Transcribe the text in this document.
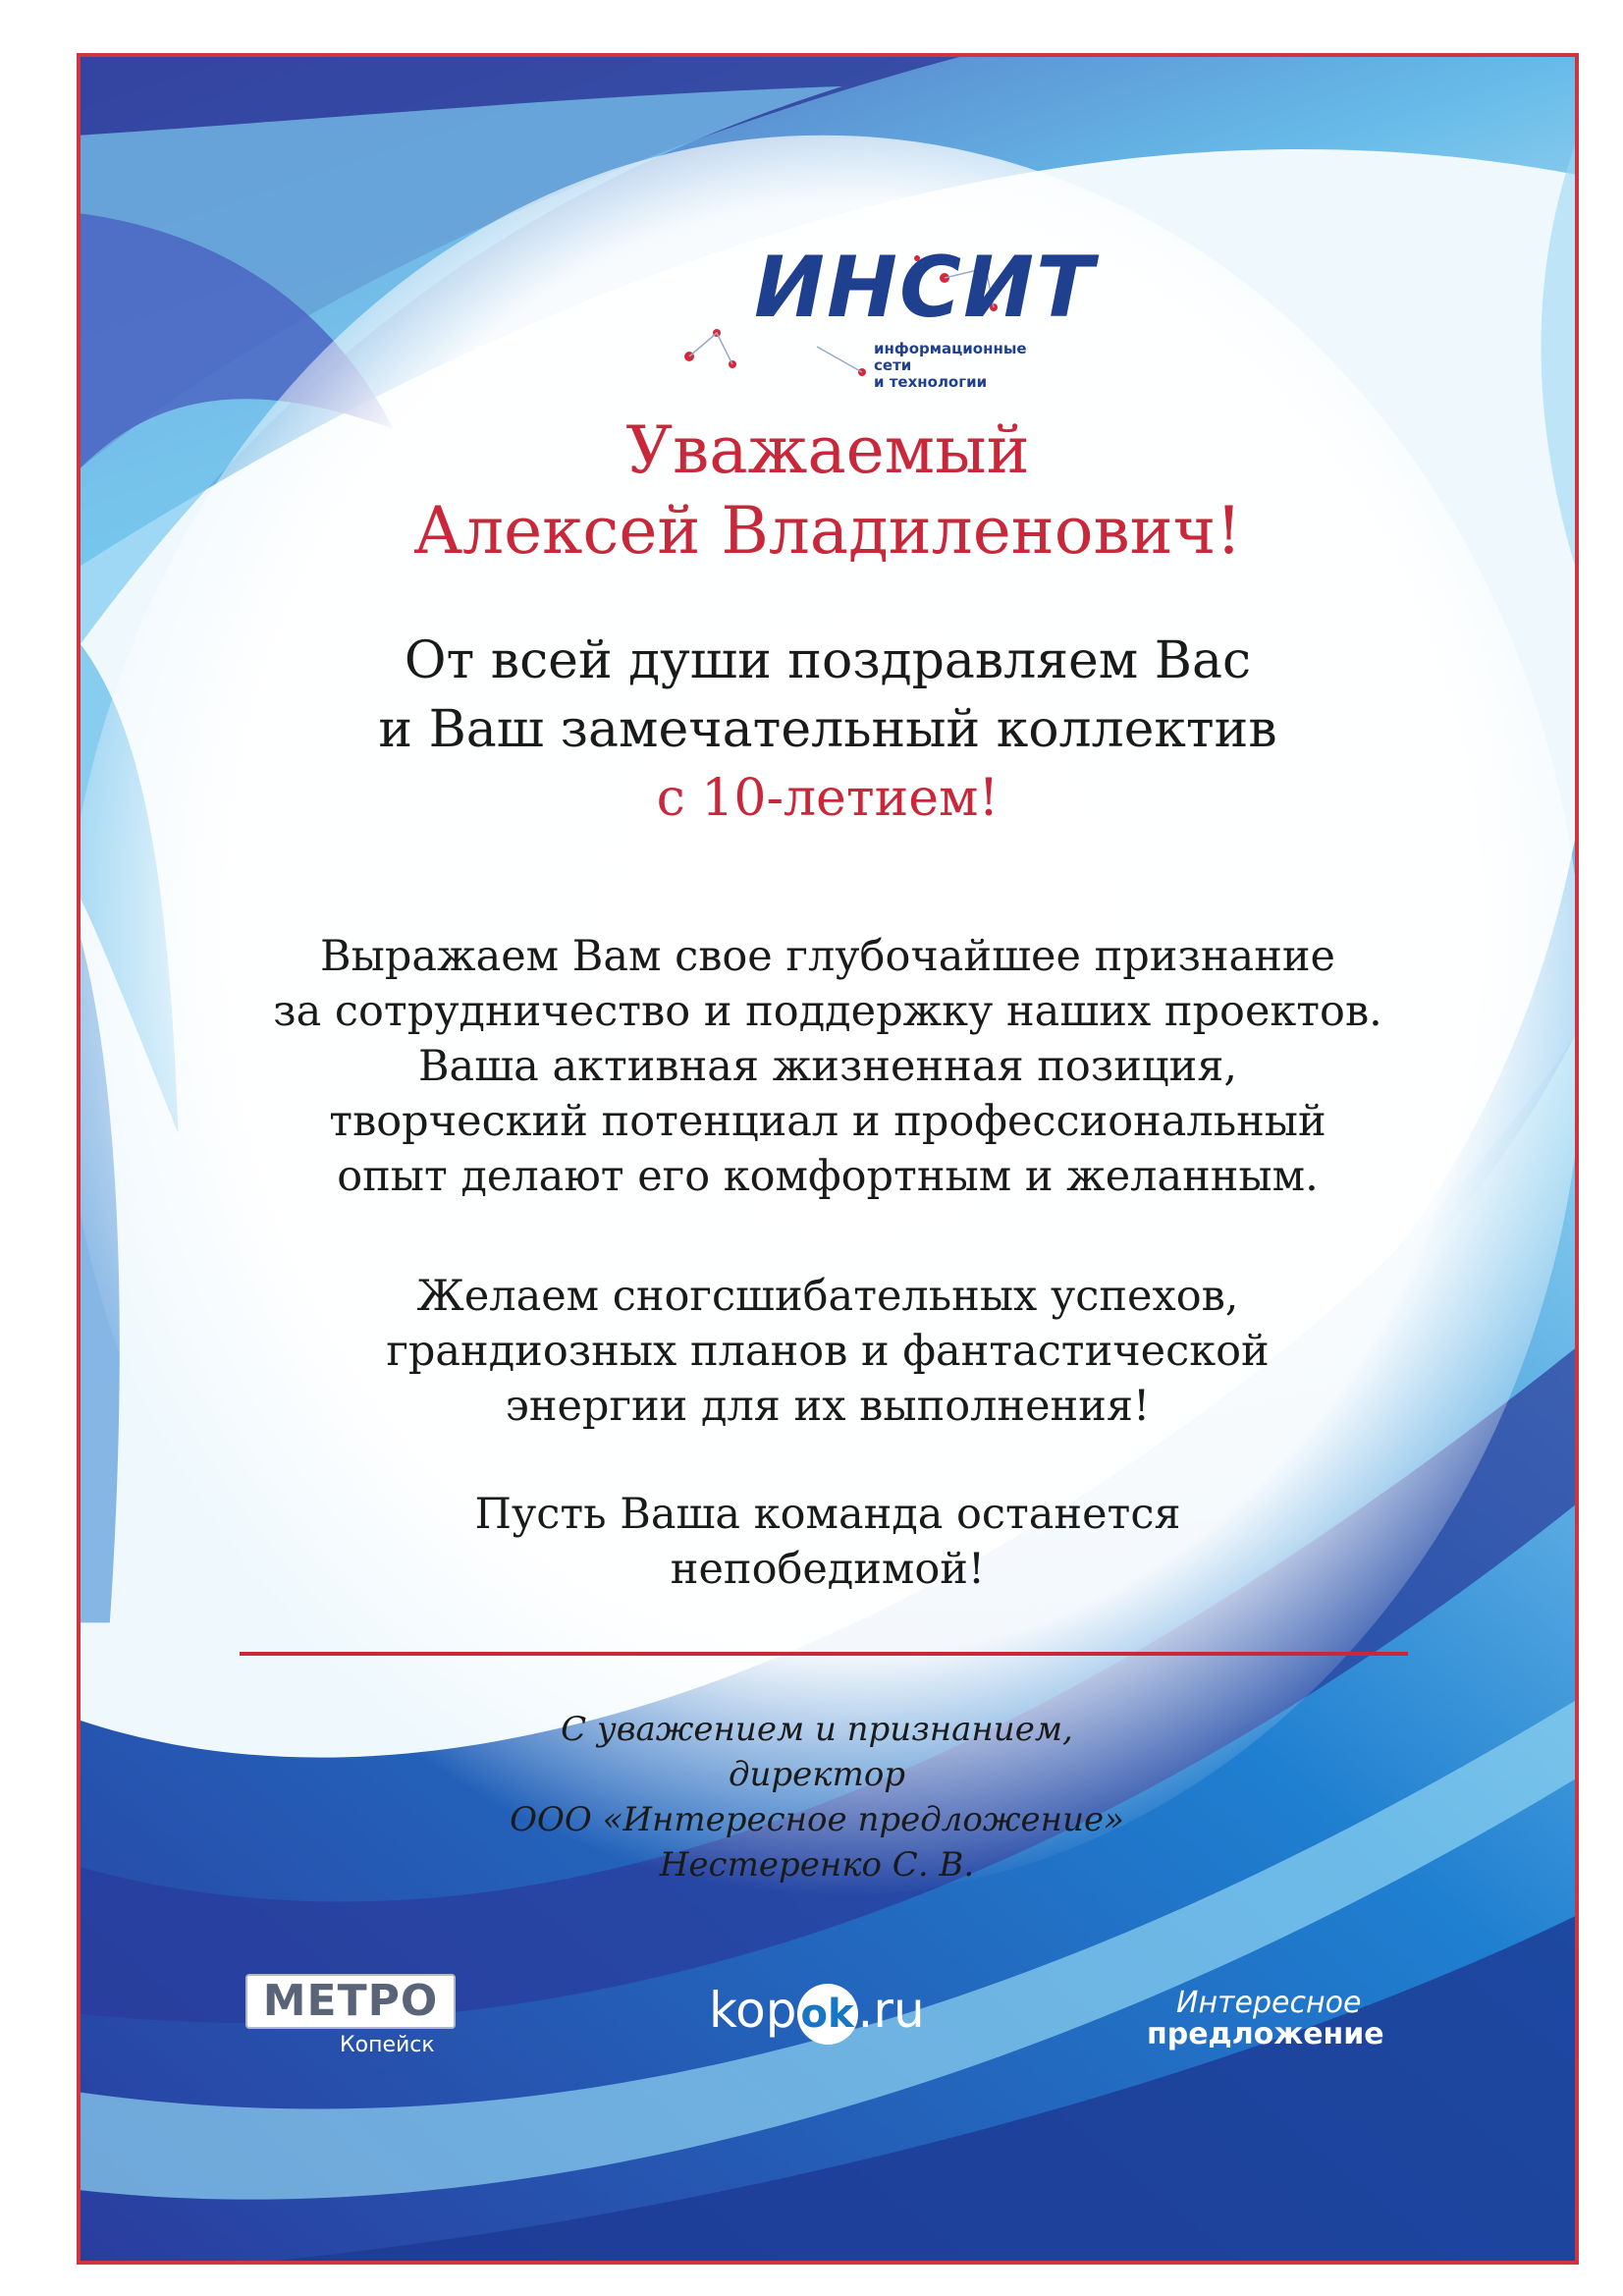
ИНСИТ
информационные сети
и технологии
Уважаемый
Алексей Владиленович!
От всей души поздравляем Вас
и Ваш замечательный коллектив
с 10-летием!
Выражаем Вам свое глубочайшее признание
за сотрудничество и поддержку наших проектов.
Ваша активная жизненная позиция,
творческий потенциал и профессиональный
опыт делают его комфортным и желанным.
Желаем сногсшибательных успехов,
грандиозных планов и фантастической
энергии для их выполнения!
Пусть Ваша команда останется
непобедимой!
С уважением и признанием,
директор
ООО «Интересное предложение»
Нестеренко С. В.
МЕТРО
Копейск
kopok.ru	Интересное
предложение
